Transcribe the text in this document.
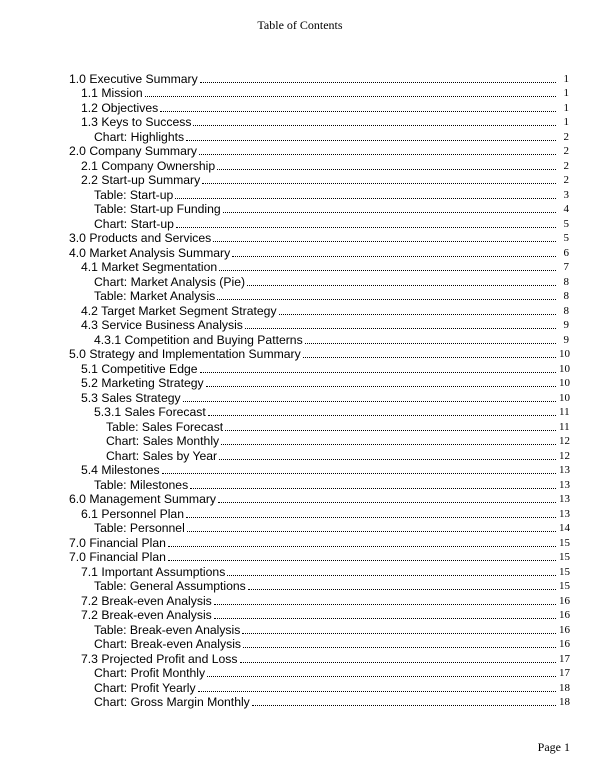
Table of Contents
1.0 Executive Summary	1
1.1 Mission	1
1.2 Objectives	1
1.3 Keys to Success	1
Chart: Highlights	2
2.0 Company Summary	2
2.1 Company Ownership	2
2.2 Start-up Summary	2
Table: Start-up	3
Table: Start-up Funding	4
Chart: Start-up	5
3.0 Products and Services	5
4.0 Market Analysis Summary	6
4.1 Market Segmentation	7
Chart: Market Analysis (Pie)	8
Table: Market Analysis	8
4.2 Target Market Segment Strategy	8
4.3 Service Business Analysis	9
4.3.1 Competition and Buying Patterns	9
5.0 Strategy and Implementation Summary	10
5.1 Competitive Edge	10
5.2 Marketing Strategy	10
5.3 Sales Strategy	10
5.3.1 Sales Forecast	11
Table: Sales Forecast	11
Chart: Sales Monthly	12
Chart: Sales by Year	12
5.4 Milestones	13
Table: Milestones	13
6.0 Management Summary	13
6.1 Personnel Plan	13
Table: Personnel	14
7.0 Financial Plan	15
7.0 Financial Plan	15
7.1 Important Assumptions	15
Table: General Assumptions	15
7.2 Break-even Analysis	16
7.2 Break-even Analysis	16
Table: Break-even Analysis	16
Chart: Break-even Analysis	16
7.3 Projected Profit and Loss	17
Chart: Profit Monthly	17
Chart: Profit Yearly	18
Chart: Gross Margin Monthly	18
Page 1
